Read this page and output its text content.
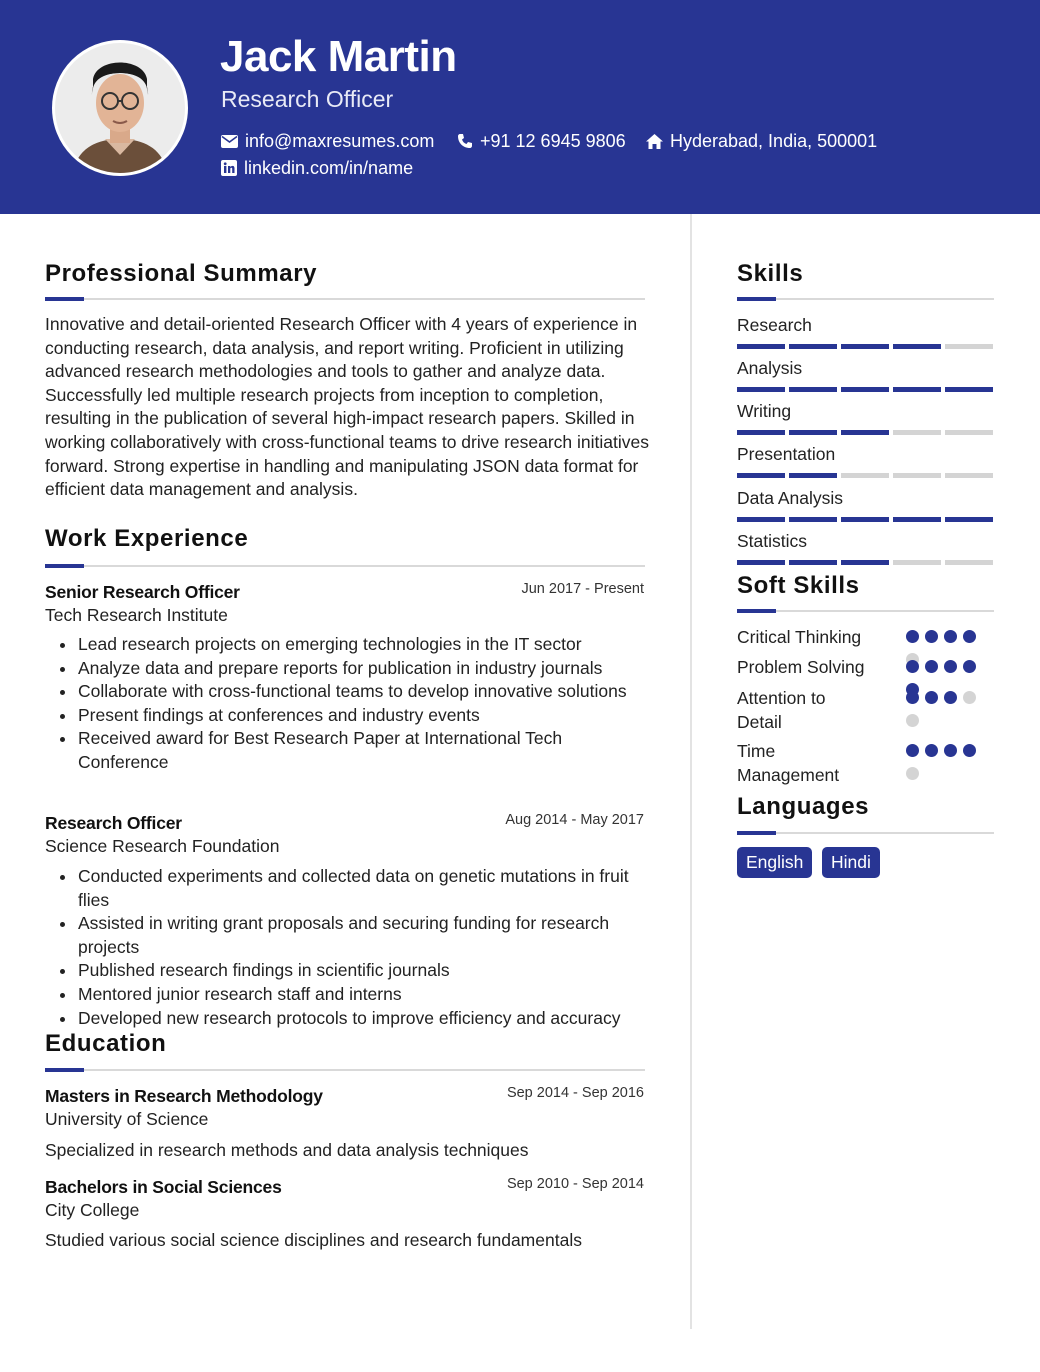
Jack Martin
Research Officer
info@maxresumes.com	+91 12 6945 9806 Hyderabad, India, 500001
linkedin.com/in/name
Professional Summary
Innovative and detail-oriented Research Officer with 4 years of experience in conducting research, data analysis, and report writing. Proficient in utilizing advanced research methodologies and tools to gather and analyze data. Successfully led multiple research projects from inception to completion, resulting in the publication of several high-impact research papers. Skilled in working collaboratively with cross-functional teams to drive research initiatives forward. Strong expertise in handling and manipulating JSON data format for efficient data management and analysis.
Work Experience
Senior Research Officer	Jun 2017 - Present
Tech Research Institute
Lead research projects on emerging technologies in the IT sector
Analyze data and prepare reports for publication in industry journals
Collaborate with cross-functional teams to develop innovative solutions
Present findings at conferences and industry events
Received award for Best Research Paper at International Tech Conference
Research Officer	Aug 2014 - May 2017
Science Research Foundation
Conducted experiments and collected data on genetic mutations in fruit flies
Assisted in writing grant proposals and securing funding for research projects
Published research findings in scientific journals
Mentored junior research staff and interns
Developed new research protocols to improve efficiency and accuracy
Education
Masters in Research Methodology	Sep 2014 - Sep 2016
University of Science
Specialized in research methods and data analysis techniques
Bachelors in Social Sciences	Sep 2010 - Sep 2014
City College
Studied various social science disciplines and research fundamentals
Skills
Research
Analysis
Writing
Presentation
Data Analysis
Statistics
Soft Skills
Critical Thinking
Problem Solving
Attention to Detail
Time Management
Languages
English	Hindi
